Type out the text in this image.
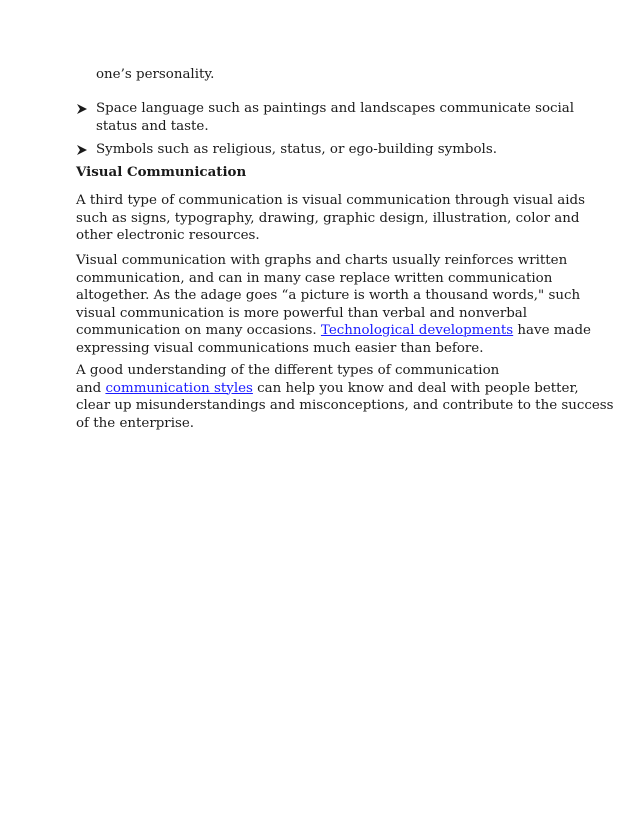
one’s personality.
Space language such as paintings and landscapes communicate social
status and taste.
Symbols such as religious, status, or ego-building symbols.
Visual Communication
A third type of communication is visual communication through visual aids
such as signs, typography, drawing, graphic design, illustration, color and
other electronic resources.
Visual communication with graphs and charts usually reinforces written
communication, and can in many case replace written communication
altogether. As the adage goes “a picture is worth a thousand words," such
visual communication is more powerful than verbal and nonverbal
communication on many occasions. Technological developments have made
expressing visual communications much easier than before.
A good understanding of the different types of communication
and communication styles can help you know and deal with people better,
clear up misunderstandings and misconceptions, and contribute to the success
of the enterprise.
